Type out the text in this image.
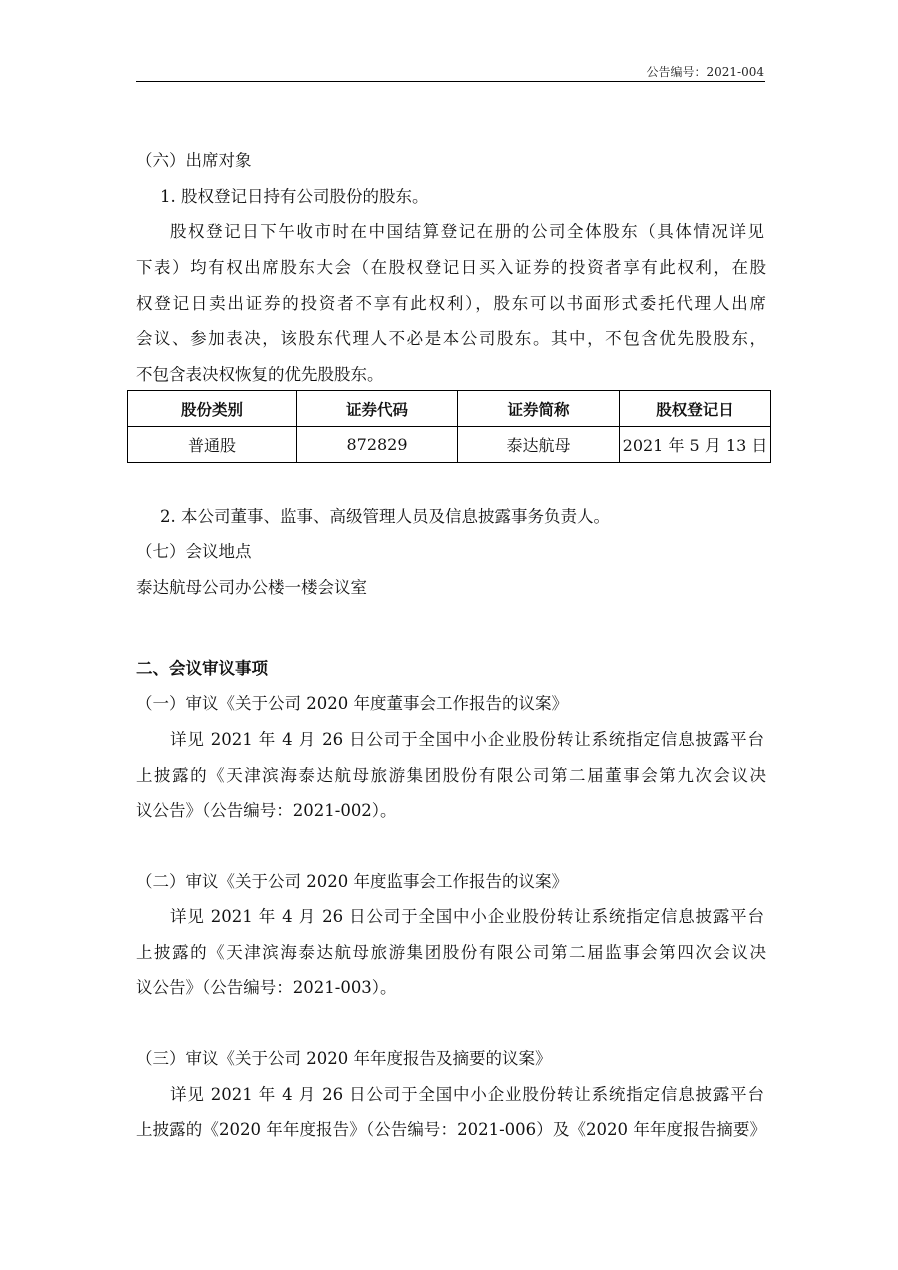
公告编号：2021-004
（六）出席对象
1. 股权登记日持有公司股份的股东。
股权登记日下午收市时在中国结算登记在册的公司全体股东（具体情况详见
下表）均有权出席股东大会（在股权登记日买入证券的投资者享有此权利，在股
权登记日卖出证券的投资者不享有此权利），股东可以书面形式委托代理人出席
会议、参加表决，该股东代理人不必是本公司股东。其中，不包含优先股股东，
不包含表决权恢复的优先股股东。
股份类别	证券代码	证券简称	股权登记日
普通股	872829	泰达航母	2021 年 5 月 13 日
2. 本公司董事、监事、高级管理人员及信息披露事务负责人。
（七）会议地点
泰达航母公司办公楼一楼会议室
二、会议审议事项
（一）审议《关于公司 2020 年度董事会工作报告的议案》
详见 2021 年 4 月 26 日公司于全国中小企业股份转让系统指定信息披露平台
上披露的《天津滨海泰达航母旅游集团股份有限公司第二届董事会第九次会议决
议公告》（公告编号：2021-002）。
（二）审议《关于公司 2020 年度监事会工作报告的议案》
详见 2021 年 4 月 26 日公司于全国中小企业股份转让系统指定信息披露平台
上披露的《天津滨海泰达航母旅游集团股份有限公司第二届监事会第四次会议决
议公告》（公告编号：2021-003）。
（三）审议《关于公司 2020 年年度报告及摘要的议案》
详见 2021 年 4 月 26 日公司于全国中小企业股份转让系统指定信息披露平台
上披露的《2020 年年度报告》（公告编号：2021-006）及《2020 年年度报告摘要》
